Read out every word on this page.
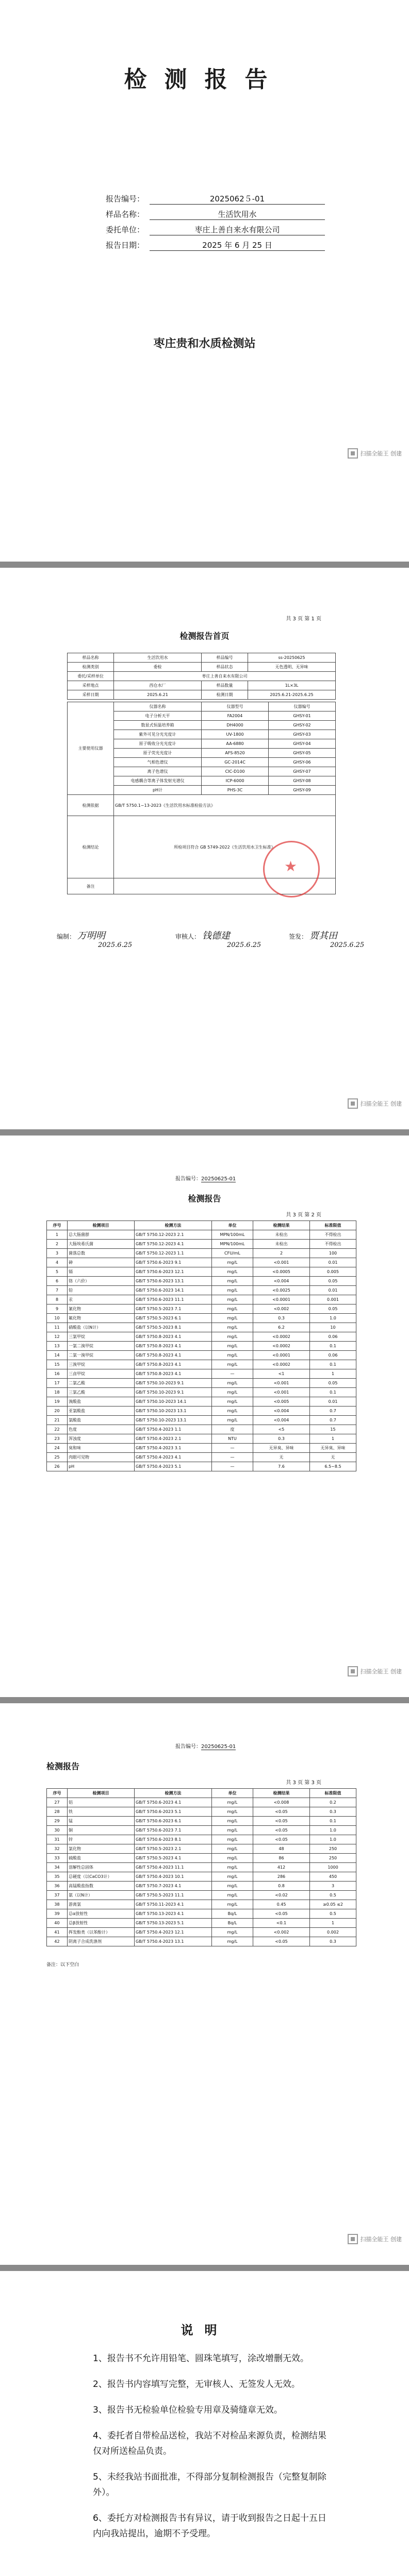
检测报告
报告编号：	2025062５-01
样品名称：	生活饮用水
委托单位：	枣庄上善自来水有限公司
报告日期：	2025 年 6 月 25 日
枣庄贵和水质检测站
扫描全能王 创建
共 3 页 第 1 页
检测报告首页
样品名称	生活饮用水	样品编号	ss-20250625
检测类别	委检	样品状态	无色透明、无异味
委托/采样单位	枣庄上善自来水有限公司		
采样地点	西仓水厂	样品数量	1L×3L
采样日期	2025.6.21	检测日期	2025.6.21-2025.6.25
主要使用仪器	仪器名称	仪器型号	仪器编号
	电子分析天平	FA2004	GHSY-01
	数显式恒温培养箱	DH4000	GHSY-02
	紫外可见分光光度计	UV-1800	GHSY-03
	原子吸收分光光度计	AA-6880	GHSY-04
	原子荧光光度计	AFS-8520	GHSY-05
	气相色谱仪	GC-2014C	GHSY-06
	离子色谱仪	CIC-D100	GHSY-07
	电感耦合等离子体发射光谱仪	ICP-6000	GHSY-08
	pH计	PHS-3C	GHSY-09
检测依据	GB/T 5750.1~13-2023《生活饮用水标准检验方法》
检测结论	所检项目符合 GB 5749-2022《生活饮用水卫生标准》
备注	
★
编制： 万明明	审核人： 钱德建	签发： 贾其田
2025.6.25	2025.6.25	2025.6.25
扫描全能王 创建
报告编号：20250625-01
检测报告
共 3 页 第 2 页
序号	检测项目	检测方法	单位	检测结果	标准限值
1	总大肠菌群	GB/T 5750.12-2023 2.1	MPN/100mL	未检出	不得检出
2	大肠埃希氏菌	GB/T 5750.12-2023 4.1	MPN/100mL	未检出	不得检出
3	菌落总数	GB/T 5750.12-2023 1.1	CFU/mL	2	100
4	砷	GB/T 5750.6-2023 9.1	mg/L	<0.001	0.01
5	镉	GB/T 5750.6-2023 12.1	mg/L	<0.0005	0.005
6	铬（六价）	GB/T 5750.6-2023 13.1	mg/L	<0.004	0.05
7	铅	GB/T 5750.6-2023 14.1	mg/L	<0.0025	0.01
8	汞	GB/T 5750.6-2023 11.1	mg/L	<0.0001	0.001
9	氰化物	GB/T 5750.5-2023 7.1	mg/L	<0.002	0.05
10	氟化物	GB/T 5750.5-2023 6.1	mg/L	0.3	1.0
11	硝酸盐（以N计）	GB/T 5750.5-2023 8.1	mg/L	6.2	10
12	三氯甲烷	GB/T 5750.8-2023 4.1	mg/L	<0.0002	0.06
13	一氯二溴甲烷	GB/T 5750.8-2023 4.1	mg/L	<0.0002	0.1
14	二氯一溴甲烷	GB/T 5750.8-2023 4.1	mg/L	<0.0001	0.06
15	三溴甲烷	GB/T 5750.8-2023 4.1	mg/L	<0.0002	0.1
16	三卤甲烷	GB/T 5750.8-2023 4.1	—	<1	1
17	二氯乙酸	GB/T 5750.10-2023 9.1	mg/L	<0.001	0.05
18	三氯乙酸	GB/T 5750.10-2023 9.1	mg/L	<0.001	0.1
19	溴酸盐	GB/T 5750.10-2023 14.1	mg/L	<0.005	0.01
20	亚氯酸盐	GB/T 5750.10-2023 13.1	mg/L	<0.004	0.7
21	氯酸盐	GB/T 5750.10-2023 13.1	mg/L	<0.004	0.7
22	色度	GB/T 5750.4-2023 1.1	度	<5	15
23	浑浊度	GB/T 5750.4-2023 2.1	NTU	0.3	1
24	臭和味	GB/T 5750.4-2023 3.1	—	无异臭、异味	无异臭、异味
25	肉眼可见物	GB/T 5750.4-2023 4.1	—	无	无
26	pH	GB/T 5750.4-2023 5.1	—	7.6	6.5~8.5
扫描全能王 创建
报告编号：20250625-01
检测报告
共 3 页 第 3 页
序号	检测项目	检测方法	单位	检测结果	标准限值
27	铝	GB/T 5750.6-2023 4.1	mg/L	<0.008	0.2
28	铁	GB/T 5750.6-2023 5.1	mg/L	<0.05	0.3
29	锰	GB/T 5750.6-2023 6.1	mg/L	<0.05	0.1
30	铜	GB/T 5750.6-2023 7.1	mg/L	<0.05	1.0
31	锌	GB/T 5750.6-2023 8.1	mg/L	<0.05	1.0
32	氯化物	GB/T 5750.5-2023 2.1	mg/L	48	250
33	硫酸盐	GB/T 5750.5-2023 4.1	mg/L	86	250
34	溶解性总固体	GB/T 5750.4-2023 11.1	mg/L	412	1000
35	总硬度（以CaCO3计）	GB/T 5750.4-2023 10.1	mg/L	286	450
36	高锰酸盐指数	GB/T 5750.7-2023 4.1	mg/L	0.8	3
37	氨（以N计）	GB/T 5750.5-2023 11.1	mg/L	<0.02	0.5
38	游离氯	GB/T 5750.11-2023 4.1	mg/L	0.45	≥0.05 ≤2
39	总α放射性	GB/T 5750.13-2023 4.1	Bq/L	<0.05	0.5
40	总β放射性	GB/T 5750.13-2023 5.1	Bq/L	<0.1	1
41	挥发酚类（以苯酚计）	GB/T 5750.4-2023 12.1	mg/L	<0.002	0.002
42	阴离子合成洗涤剂	GB/T 5750.4-2023 13.1	mg/L	<0.05	0.3
备注：以下空白
扫描全能王 创建
说明
1、报告书不允许用铅笔、圆珠笔填写，涂改增删无效。
2、报告书内容填写完整，无审核人、无签发人无效。
3、报告书无检验单位检验专用章及骑缝章无效。
4、委托者自带检品送检，我站不对检品来源负责，检测结果仅对所送检品负责。
5、未经我站书面批准，不得部分复制检测报告（完整复制除外）。
6、委托方对检测报告书有异议，请于收到报告之日起十五日内向我站提出，逾期不予受理。
